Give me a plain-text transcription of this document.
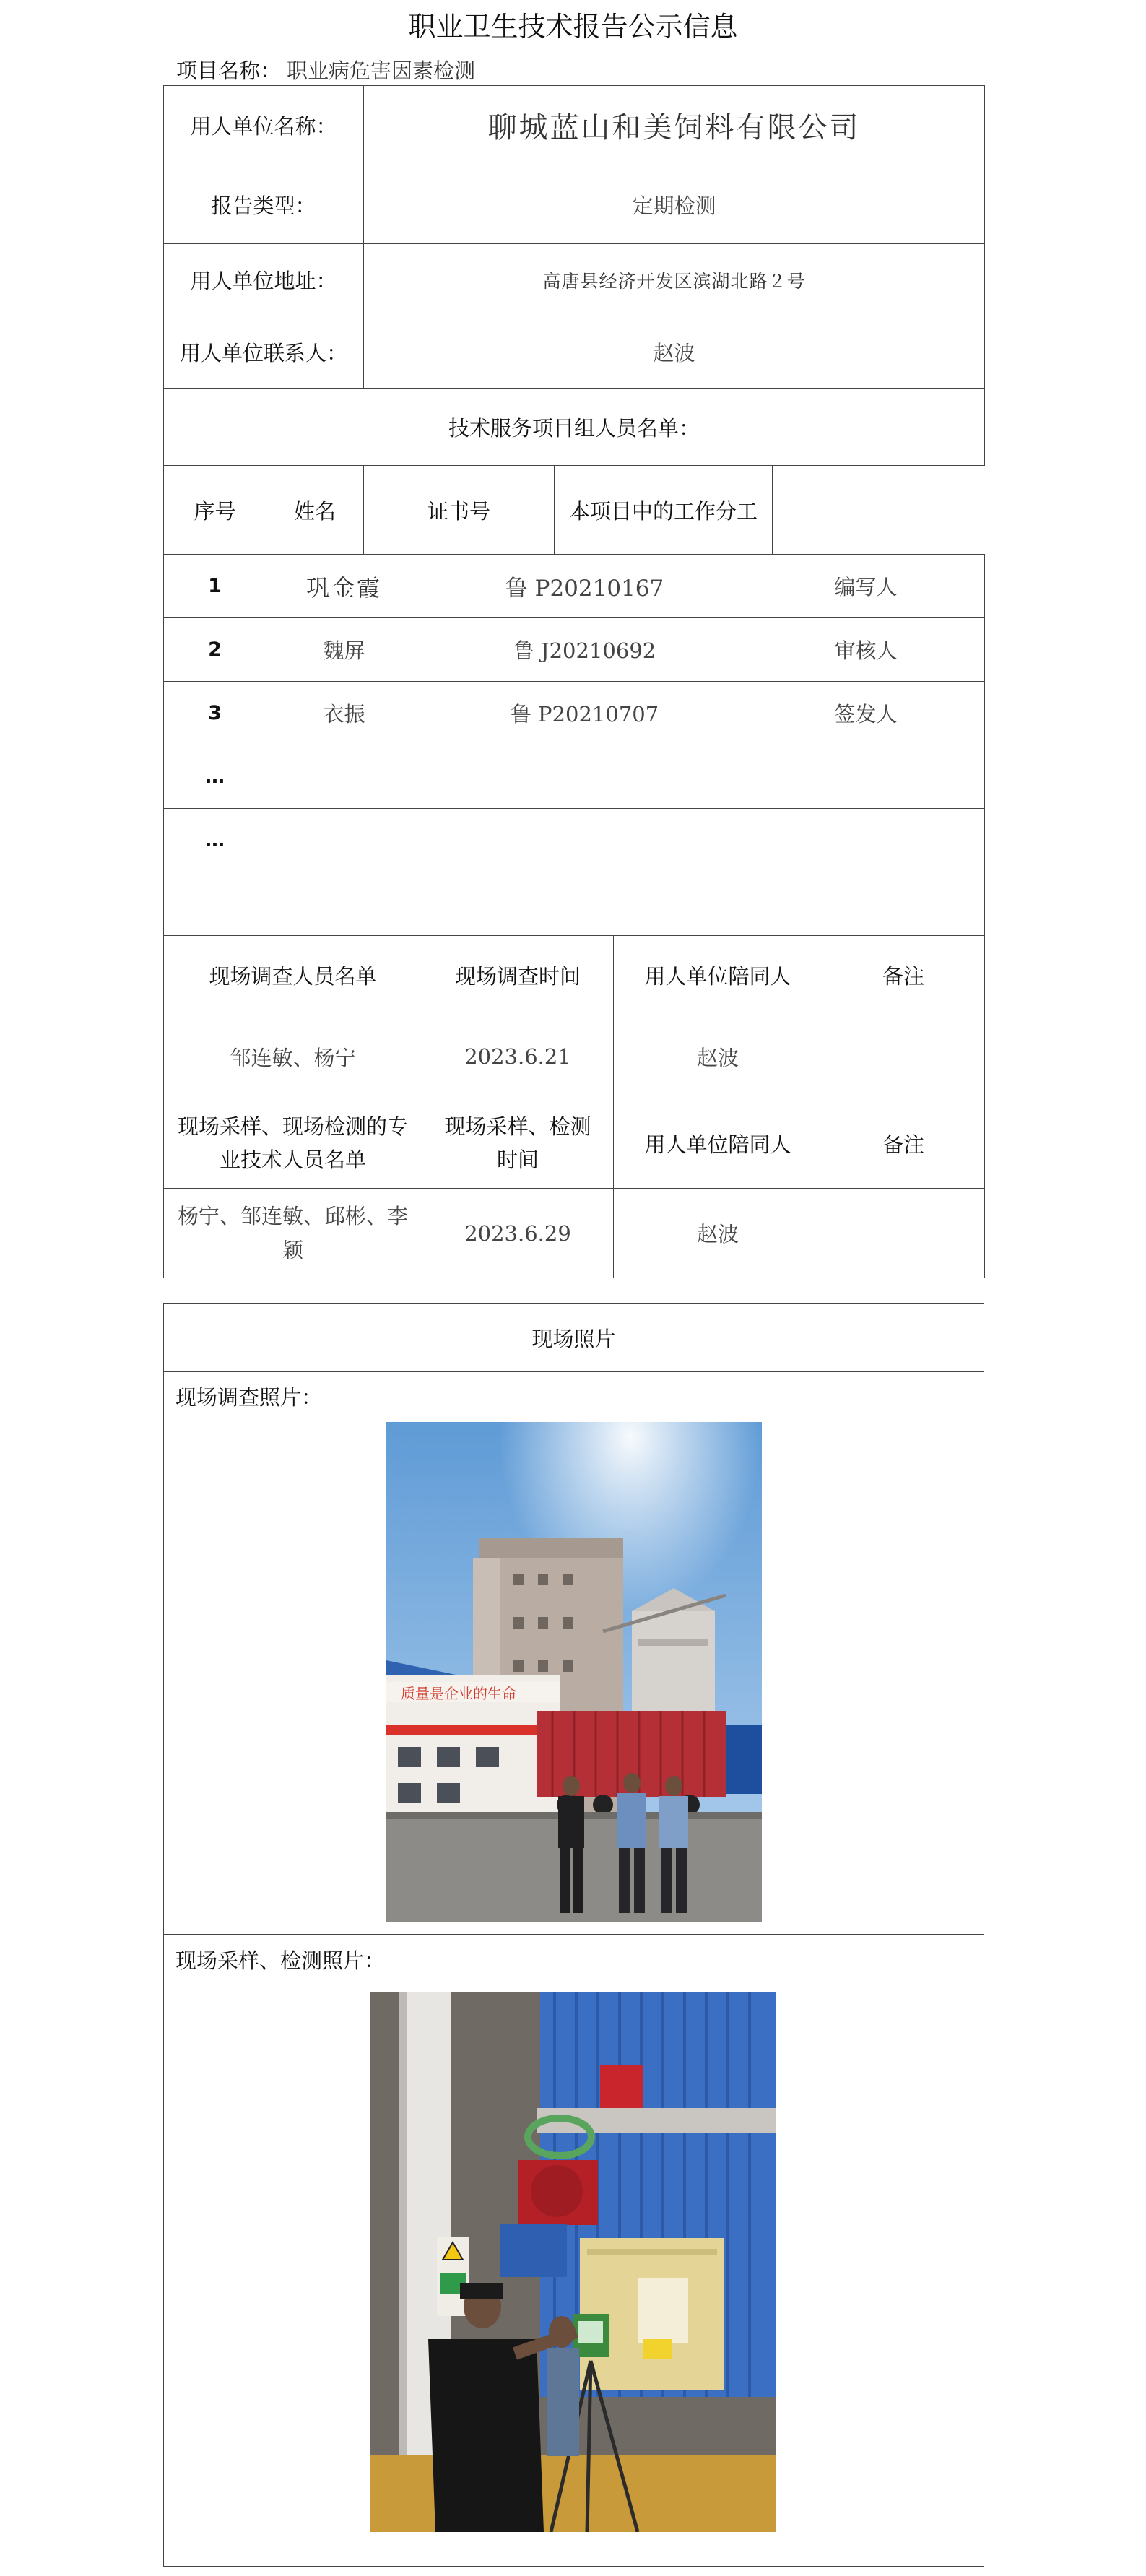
职业卫生技术报告公示信息
项目名称： 职业病危害因素检测
用人单位名称：		聊城蓝山和美饲料有限公司	
报告类型：		定期检测	
用人单位地址：		高唐县经济开发区滨湖北路２号	
用人单位联系人：		赵波	
技术服务项目组人员名单：			
序号	姓名	证书号	本项目中的工作分工
1	巩金霞	鲁 P20210167	编写人
2	魏屏	鲁 J20210692	审核人
3	衣振	鲁 P20210707	签发人
…			
…			

现场调查人员名单	现场调查时间	用人单位陪同人	备注
邹连敏、杨宁	2023.6.21	赵波	
现场采样、现场检测的专业技术人员名单	现场采样、检测时间	用人单位陪同人	备注
杨宁、邹连敏、邱彬、李颖	2023.6.29	赵波	
现场照片
现场调查照片：
质量是企业的生命
现场采样、检测照片：
